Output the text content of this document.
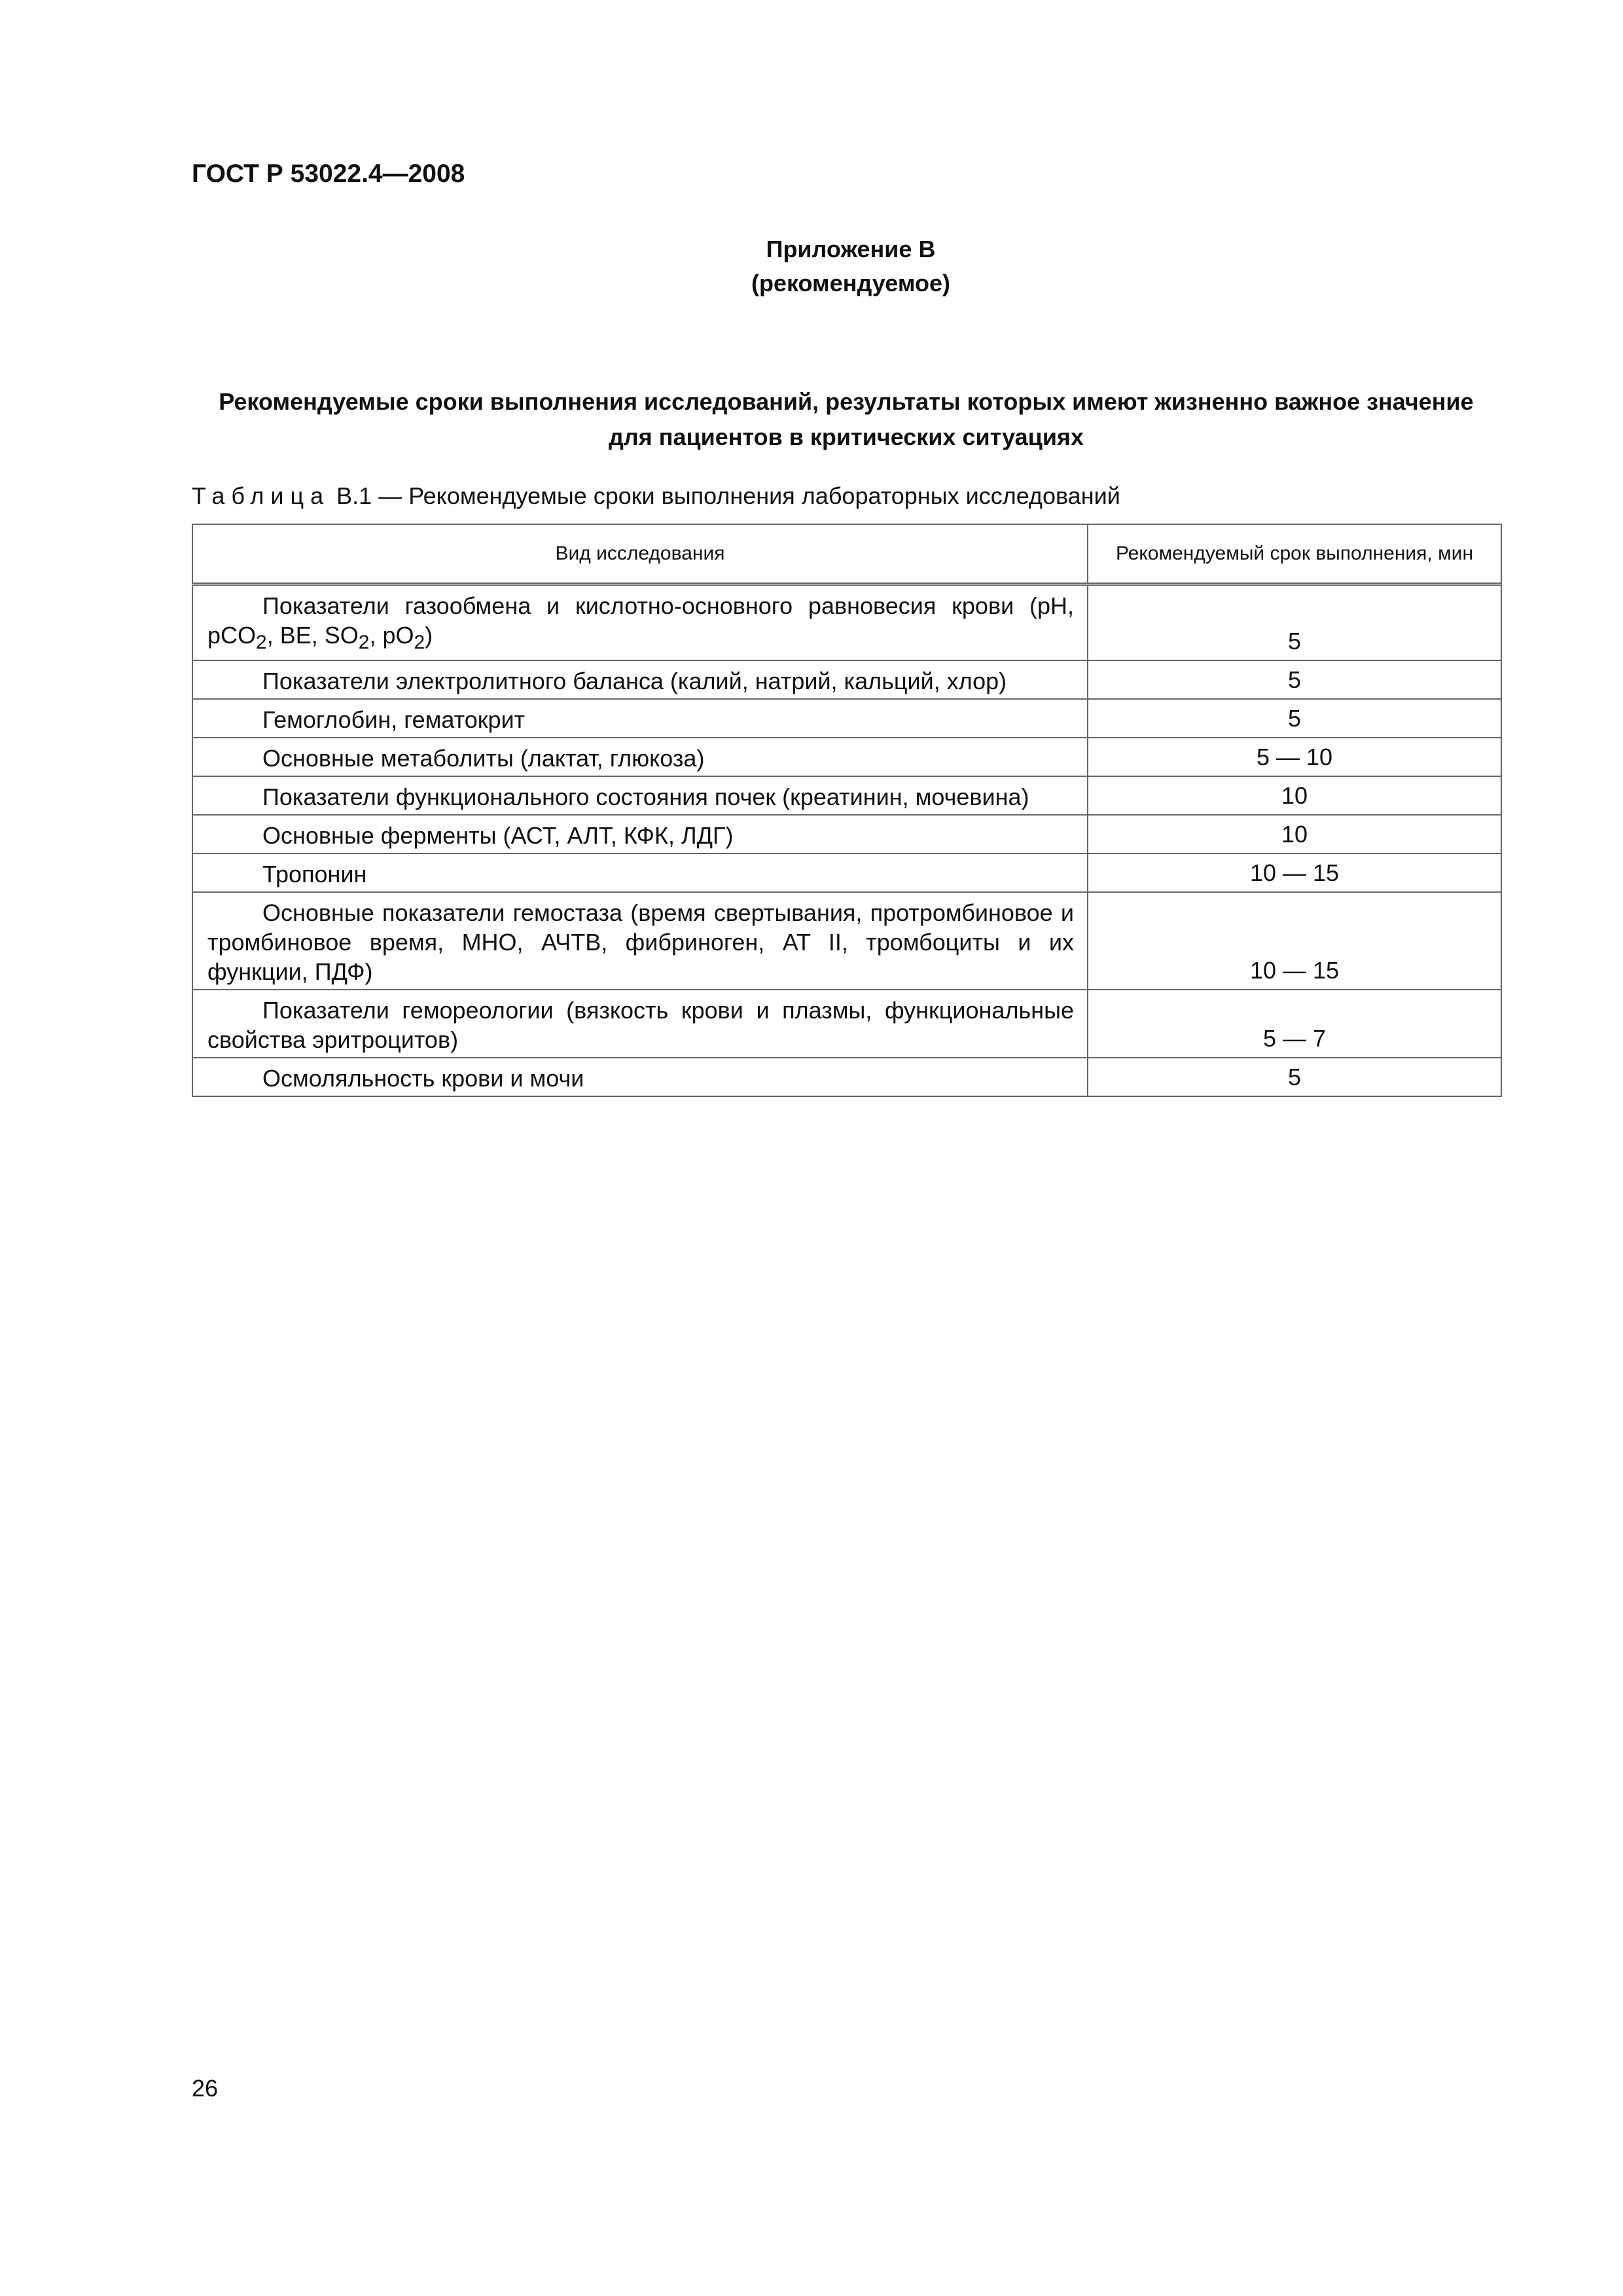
ГОСТ Р 53022.4—2008
Приложение В
(рекомендуемое)
Рекомендуемые сроки выполнения исследований, результаты которых имеют жизненно важное значение
для пациентов в критических ситуациях
Таблица В.1 — Рекомендуемые сроки выполнения лабораторных исследований
Вид исследования	Рекомендуемый срок выполнения, мин
Показатели газообмена и кислотно-основного равновесия крови (pH, pCO$_2$, BE, $SO_2$, $pO_2$)	5
Показатели электролитного баланса (калий, натрий, кальций, хлор)	5
Гемоглобин, гематокрит	5
Основные метаболиты (лактат, глюкоза)	5 — 10
Показатели функционального состояния почек (креатинин, мочевина)	10
Основные ферменты (АСТ, АЛТ, КФК, ЛДГ)	10
Тропонин	10 — 15
Основные показатели гемостаза (время свертывания, протромбиновое и тромбиновое время, МНО, АЧТВ, фибриноген, AT II, тромбоциты и их функции, ПДФ)	10 — 15
Показатели гемореологии (вязкость крови и плазмы, функциональные свойства эритроцитов)	5 — 7
Осмоляльность крови и мочи	5
26
